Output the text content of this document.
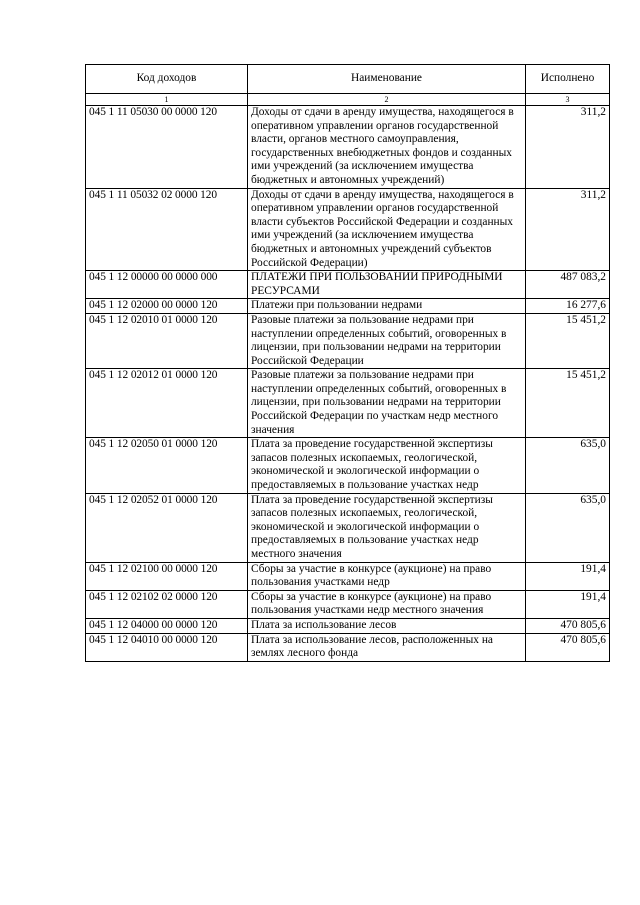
Код доходов	Наименование	Исполнено
1	2	3
045 1 11 05030 00 0000 120	Доходы от сдачи в аренду имущества, находящегося в оперативном управлении органов государственной власти, органов местного самоуправления, государственных внебюджетных фондов и созданных ими учреждений (за исключением имущества бюджетных и автономных учреждений)	311,2
045 1 11 05032 02 0000 120	Доходы от сдачи в аренду имущества, находящегося в оперативном управлении органов государственной власти субъектов Российской Федерации и созданных ими учреждений (за исключением имущества бюджетных и автономных учреждений субъектов Российской Федерации)	311,2
045 1 12 00000 00 0000 000	ПЛАТЕЖИ ПРИ ПОЛЬЗОВАНИИ ПРИРОДНЫМИ РЕСУРСАМИ	487 083,2
045 1 12 02000 00 0000 120	Платежи при пользовании недрами	16 277,6
045 1 12 02010 01 0000 120	Разовые платежи за пользование недрами при наступлении определенных событий, оговоренных в лицензии, при пользовании недрами на территории Российской Федерации	15 451,2
045 1 12 02012 01 0000 120	Разовые платежи за пользование недрами при наступлении определенных событий, оговоренных в лицензии, при пользовании недрами на территории Российской Федерации по участкам недр местного значения	15 451,2
045 1 12 02050 01 0000 120	Плата за проведение государственной экспертизы запасов полезных ископаемых, геологической, экономической и экологической информации о предоставляемых в пользование участках недр	635,0
045 1 12 02052 01 0000 120	Плата за проведение государственной экспертизы запасов полезных ископаемых, геологической, экономической и экологической информации о предоставляемых в пользование участках недр местного значения	635,0
045 1 12 02100 00 0000 120	Сборы за участие в конкурсе (аукционе) на право пользования участками недр	191,4
045 1 12 02102 02 0000 120	Сборы за участие в конкурсе (аукционе) на право пользования участками недр местного значения	191,4
045 1 12 04000 00 0000 120	Плата за использование лесов	470 805,6
045 1 12 04010 00 0000 120	Плата за использование лесов, расположенных на землях лесного фонда	470 805,6
